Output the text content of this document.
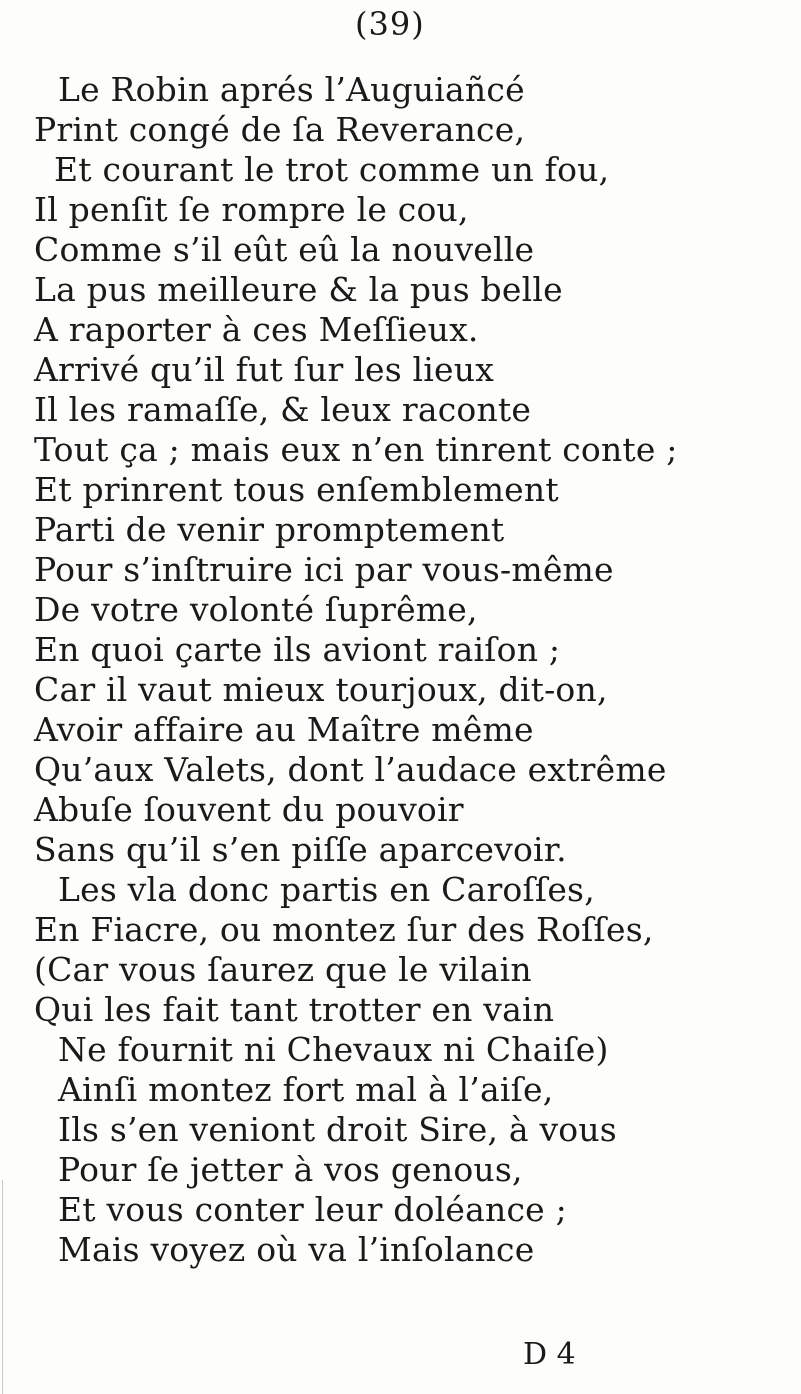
(39)
Le Robin aprés l’Auguiañcé
Print congé de ſa Reverance,
Et courant le trot comme un fou,
Il penſit ſe rompre le cou,
Comme s’il eût eû la nouvelle
La pus meilleure & la pus belle
A raporter à ces Meſſieux.
Arrivé qu’il fut ſur les lieux
Il les ramaſſe, & leux raconte
Tout ça ; mais eux n’en tinrent conte ;
Et prinrent tous enſemblement
Parti de venir promptement
Pour s’inſtruire ici par vous-même
De votre volonté ſuprême,
En quoi çarte ils aviont raiſon ;
Car il vaut mieux tourjoux, dit-on,
Avoir affaire au Maître même
Qu’aux Valets, dont l’audace extrême
Abuſe ſouvent du pouvoir
Sans qu’il s’en piſſe aparcevoir.
Les vla donc partis en Caroſſes,
En Fiacre, ou montez ſur des Roſſes,
(Car vous ſaurez que le vilain
Qui les fait tant trotter en vain
Ne fournit ni Chevaux ni Chaiſe)
Ainſi montez fort mal à l’aiſe,
Ils s’en veniont droit Sire, à vous
Pour ſe jetter à vos genous,
Et vous conter leur doléance ;
Mais voyez où va l’inſolance
D 4
